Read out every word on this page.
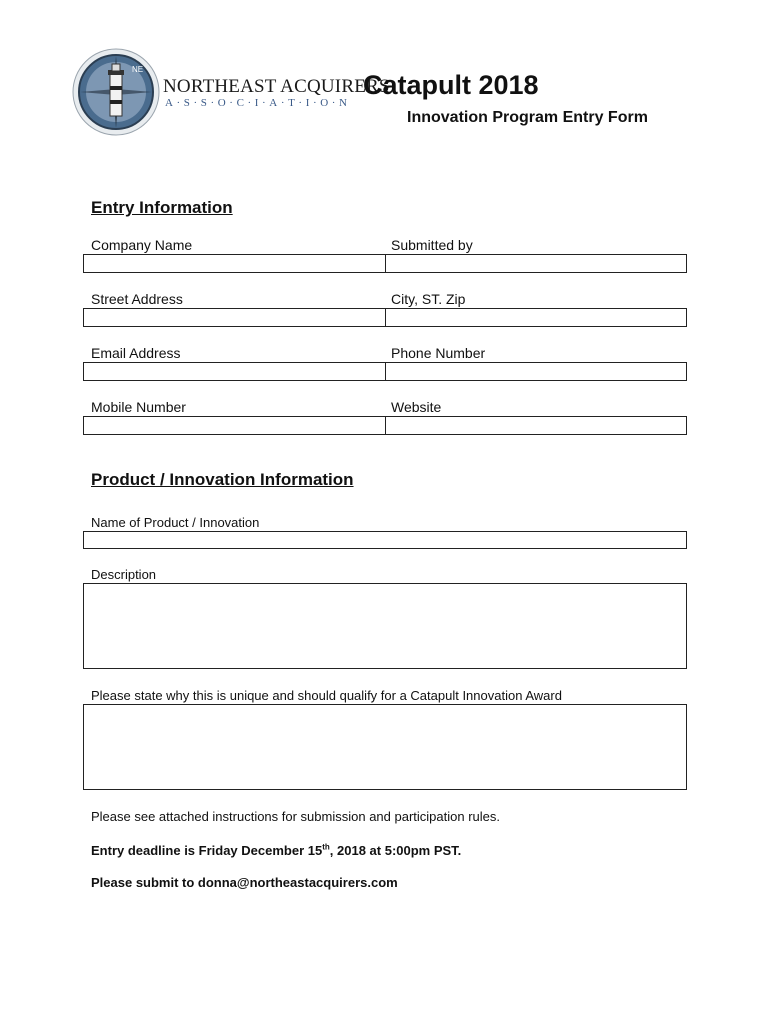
NE
NORTHEAST ACQUIRERS
A·S·S·O·C·I·A·T·I·O·N
Catapult 2018
Innovation Program Entry Form
Entry Information
Company Name	Submitted by
Street Address	City, ST. Zip
Email Address	Phone Number
Mobile Number	Website
Product / Innovation Information
Name of Product / Innovation
Description
Please state why this is unique and should qualify for a Catapult Innovation Award
Please see attached instructions for submission and participation rules.
Entry deadline is Friday December 15th, 2018 at 5:00pm PST.
Please submit to donna@northeastacquirers.com
